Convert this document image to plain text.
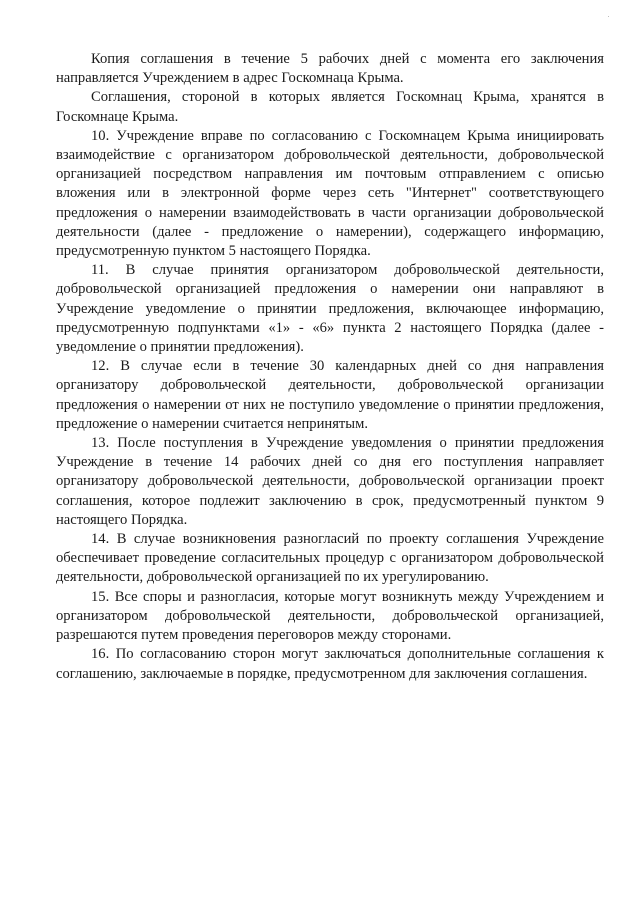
Копия соглашения в течение 5 рабочих дней с момента его заключения направляется Учреждением в адрес Госкомнацa Крыма.

Соглашения, стороной в которых является Госкомнац Крыма, хранятся в Госкомнаце Крыма.

10. Учреждение вправе по согласованию с Госкомнацем Крыма инициировать взаимодействие с организатором добровольческой деятельности, добровольческой организацией посредством направления им почтовым отправлением с описью вложения или в электронной форме через сеть "Интернет" соответствующего предложения о намерении взаимодействовать в части организации добровольческой деятельности (далее - предложение о намерении), содержащего информацию, предусмотренную пунктом 5 настоящего Порядка.

11. В случае принятия организатором добровольческой деятельности, добровольческой организацией предложения о намерении они направляют в Учреждение уведомление о принятии предложения, включающее информацию, предусмотренную подпунктами «1» - «6» пункта 2 настоящего Порядка (далее - уведомление о принятии предложения).

12. В случае если в течение 30 календарных дней со дня направления организатору добровольческой деятельности, добровольческой организации предложения о намерении от них не поступило уведомление о принятии предложения, предложение о намерении считается непринятым.

13. После поступления в Учреждение уведомления о принятии предложения Учреждение в течение 14 рабочих дней со дня его поступления направляет организатору добровольческой деятельности, добровольческой организации проект соглашения, которое подлежит заключению в срок, предусмотренный пунктом 9 настоящего Порядка.

14. В случае возникновения разногласий по проекту соглашения Учреждение обеспечивает проведение согласительных процедур с организатором добровольческой деятельности, добровольческой организацией по их урегулированию.

15. Все споры и разногласия, которые могут возникнуть между Учреждением и организатором добровольческой деятельности, добровольческой организацией, разрешаются путем проведения переговоров между сторонами.

16. По согласованию сторон могут заключаться дополнительные соглашения к соглашению, заключаемые в порядке, предусмотренном для заключения соглашения.
